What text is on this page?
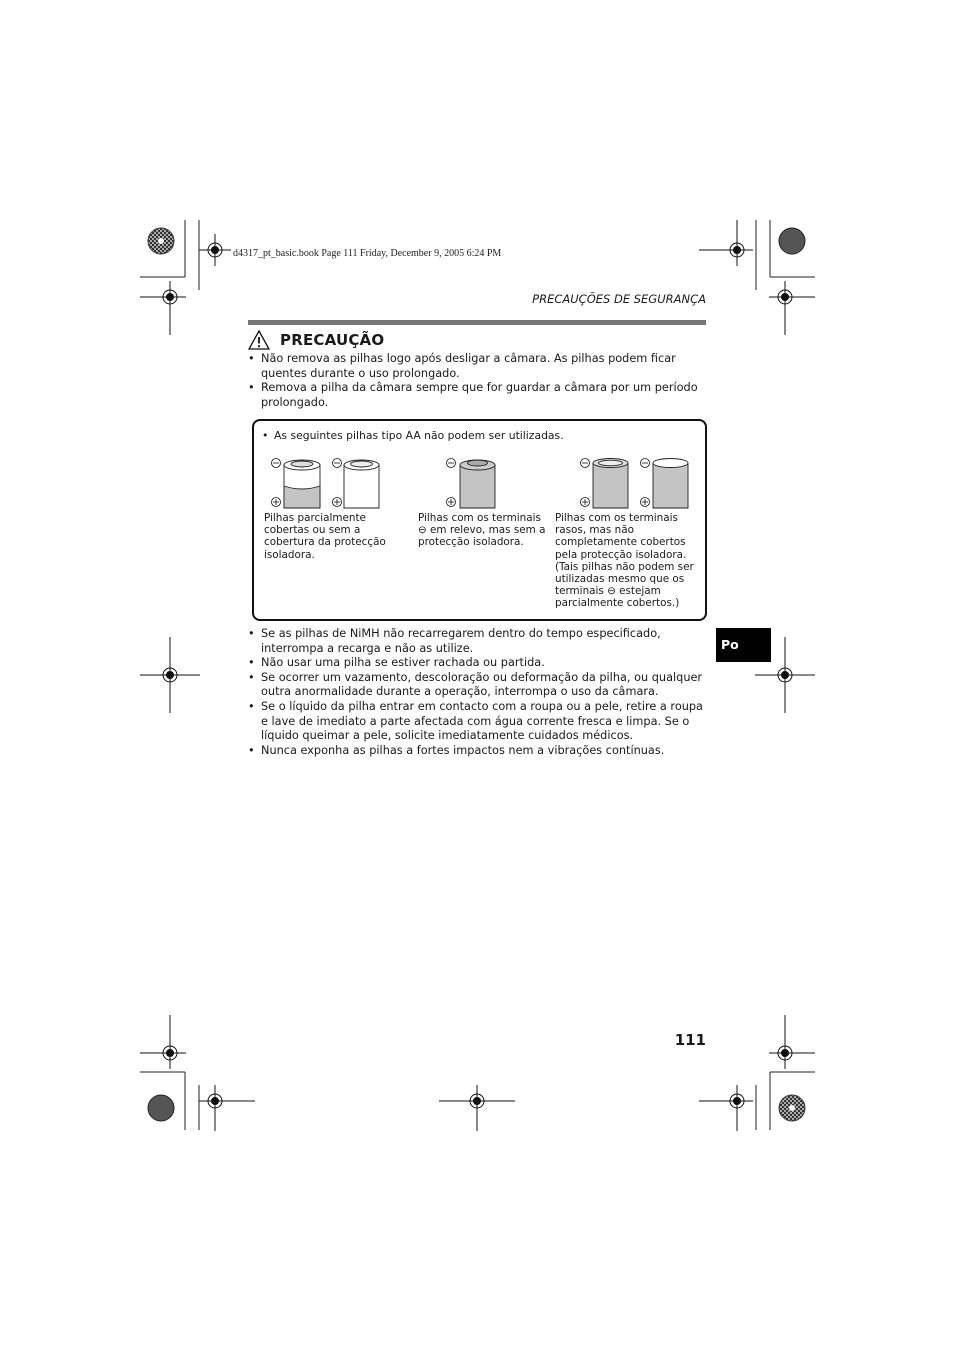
d4317_pt_basic.book Page 111 Friday, December 9, 2005 6:24 PM
PRECAUÇÕES DE SEGURANÇA
PRECAUÇÃO
• Não remova as pilhas logo após desligar a câmara. As pilhas podem ficar quentes durante o uso prolongado.
• Remova a pilha da câmara sempre que for guardar a câmara por um período prolongado.
• As seguintes pilhas tipo AA não podem ser utilizadas.
Pilhas parcialmente cobertas ou sem a cobertura da protecção isoladora.
Pilhas com os terminais ⊖ em relevo, mas sem a protecção isoladora.
Pilhas com os terminais rasos, mas não completamente cobertos pela protecção isoladora. (Tais pilhas não podem ser utilizadas mesmo que os terminais ⊖ estejam parcialmente cobertos.)
• Se as pilhas de NiMH não recarregarem dentro do tempo especificado, interrompa a recarga e não as utilize.
• Não usar uma pilha se estiver rachada ou partida.
• Se ocorrer um vazamento, descoloração ou deformação da pilha, ou qualquer outra anormalidade durante a operação, interrompa o uso da câmara.
• Se o líquido da pilha entrar em contacto com a roupa ou a pele, retire a roupa e lave de imediato a parte afectada com água corrente fresca e limpa. Se o líquido queimar a pele, solicite imediatamente cuidados médicos.
• Nunca exponha as pilhas a fortes impactos nem a vibrações contínuas.
Po
111
